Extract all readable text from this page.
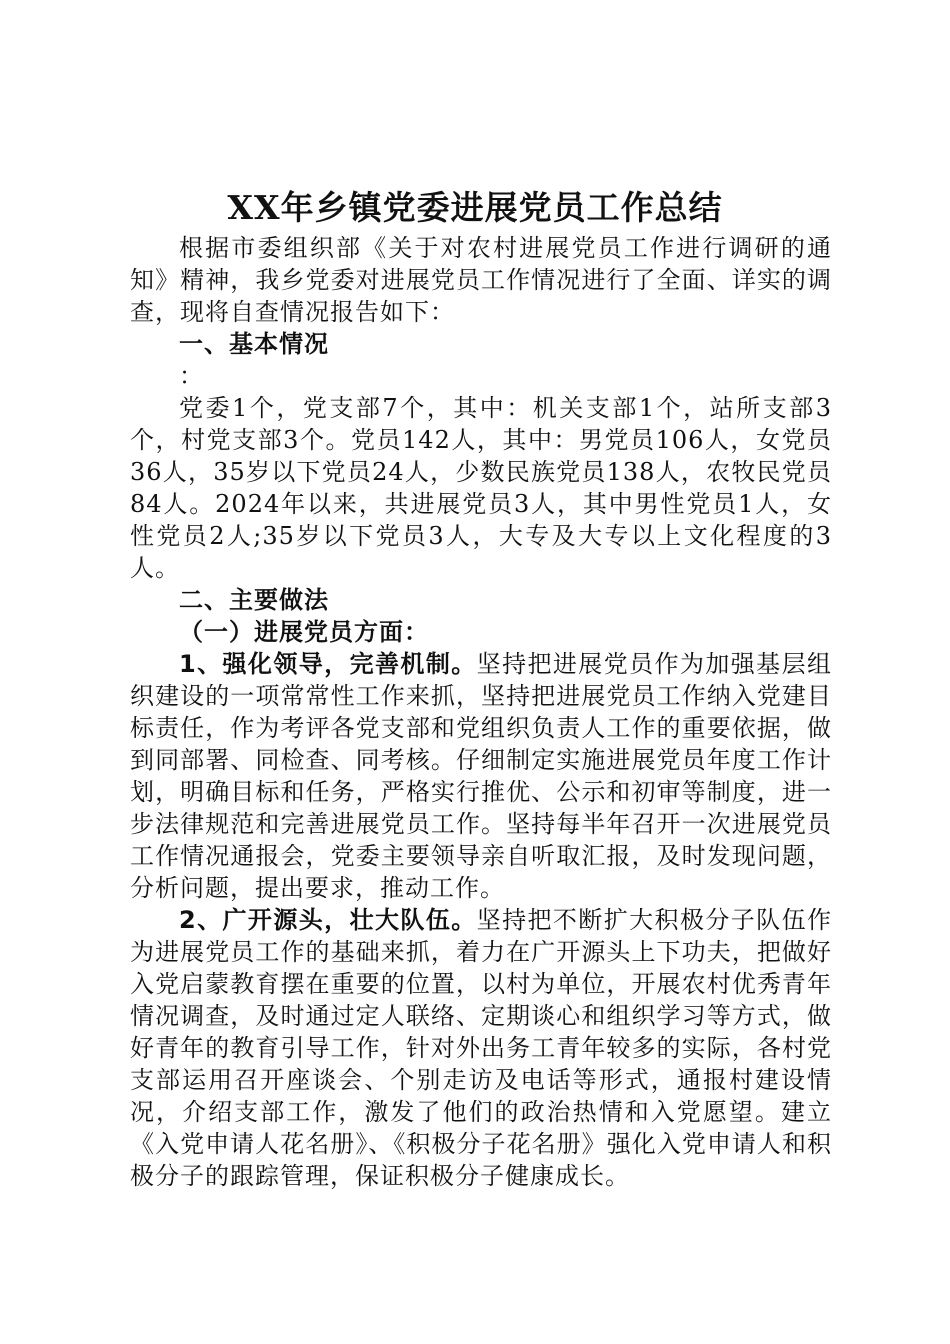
XX年乡镇党委进展党员工作总结

根据市委组织部《关于对农村进展党员工作进行调研的通知》精神，我乡党委对进展党员工作情况进行了全面、详实的调查，现将自查情况报告如下：

一、基本情况

：

党委1个，党支部7个，其中：机关支部1个，站所支部3个，村党支部3个。党员142人，其中：男党员106人，女党员36人，35岁以下党员24人，少数民族党员138人，农牧民党员84人。2024年以来，共进展党员3人，其中男性党员1人，女性党员2人;35岁以下党员3人，大专及大专以上文化程度的3人。

二、主要做法

（一）进展党员方面：

1、强化领导，完善机制。坚持把进展党员作为加强基层组织建设的一项常常性工作来抓，坚持把进展党员工作纳入党建目标责任，作为考评各党支部和党组织负责人工作的重要依据，做到同部署、同检查、同考核。仔细制定实施进展党员年度工作计划，明确目标和任务，严格实行推优、公示和初审等制度，进一步法律规范和完善进展党员工作。坚持每半年召开一次进展党员工作情况通报会，党委主要领导亲自听取汇报，及时发现问题，分析问题，提出要求，推动工作。

2、广开源头，壮大队伍。坚持把不断扩大积极分子队伍作为进展党员工作的基础来抓，着力在广开源头上下功夫，把做好入党启蒙教育摆在重要的位置，以村为单位，开展农村优秀青年情况调查，及时通过定人联络、定期谈心和组织学习等方式，做好青年的教育引导工作，针对外出务工青年较多的实际，各村党支部运用召开座谈会、个别走访及电话等形式，通报村建设情况，介绍支部工作，激发了他们的政治热情和入党愿望。建立《入党申请人花名册》、《积极分子花名册》强化入党申请人和积极分子的跟踪管理，保证积极分子健康成长。
